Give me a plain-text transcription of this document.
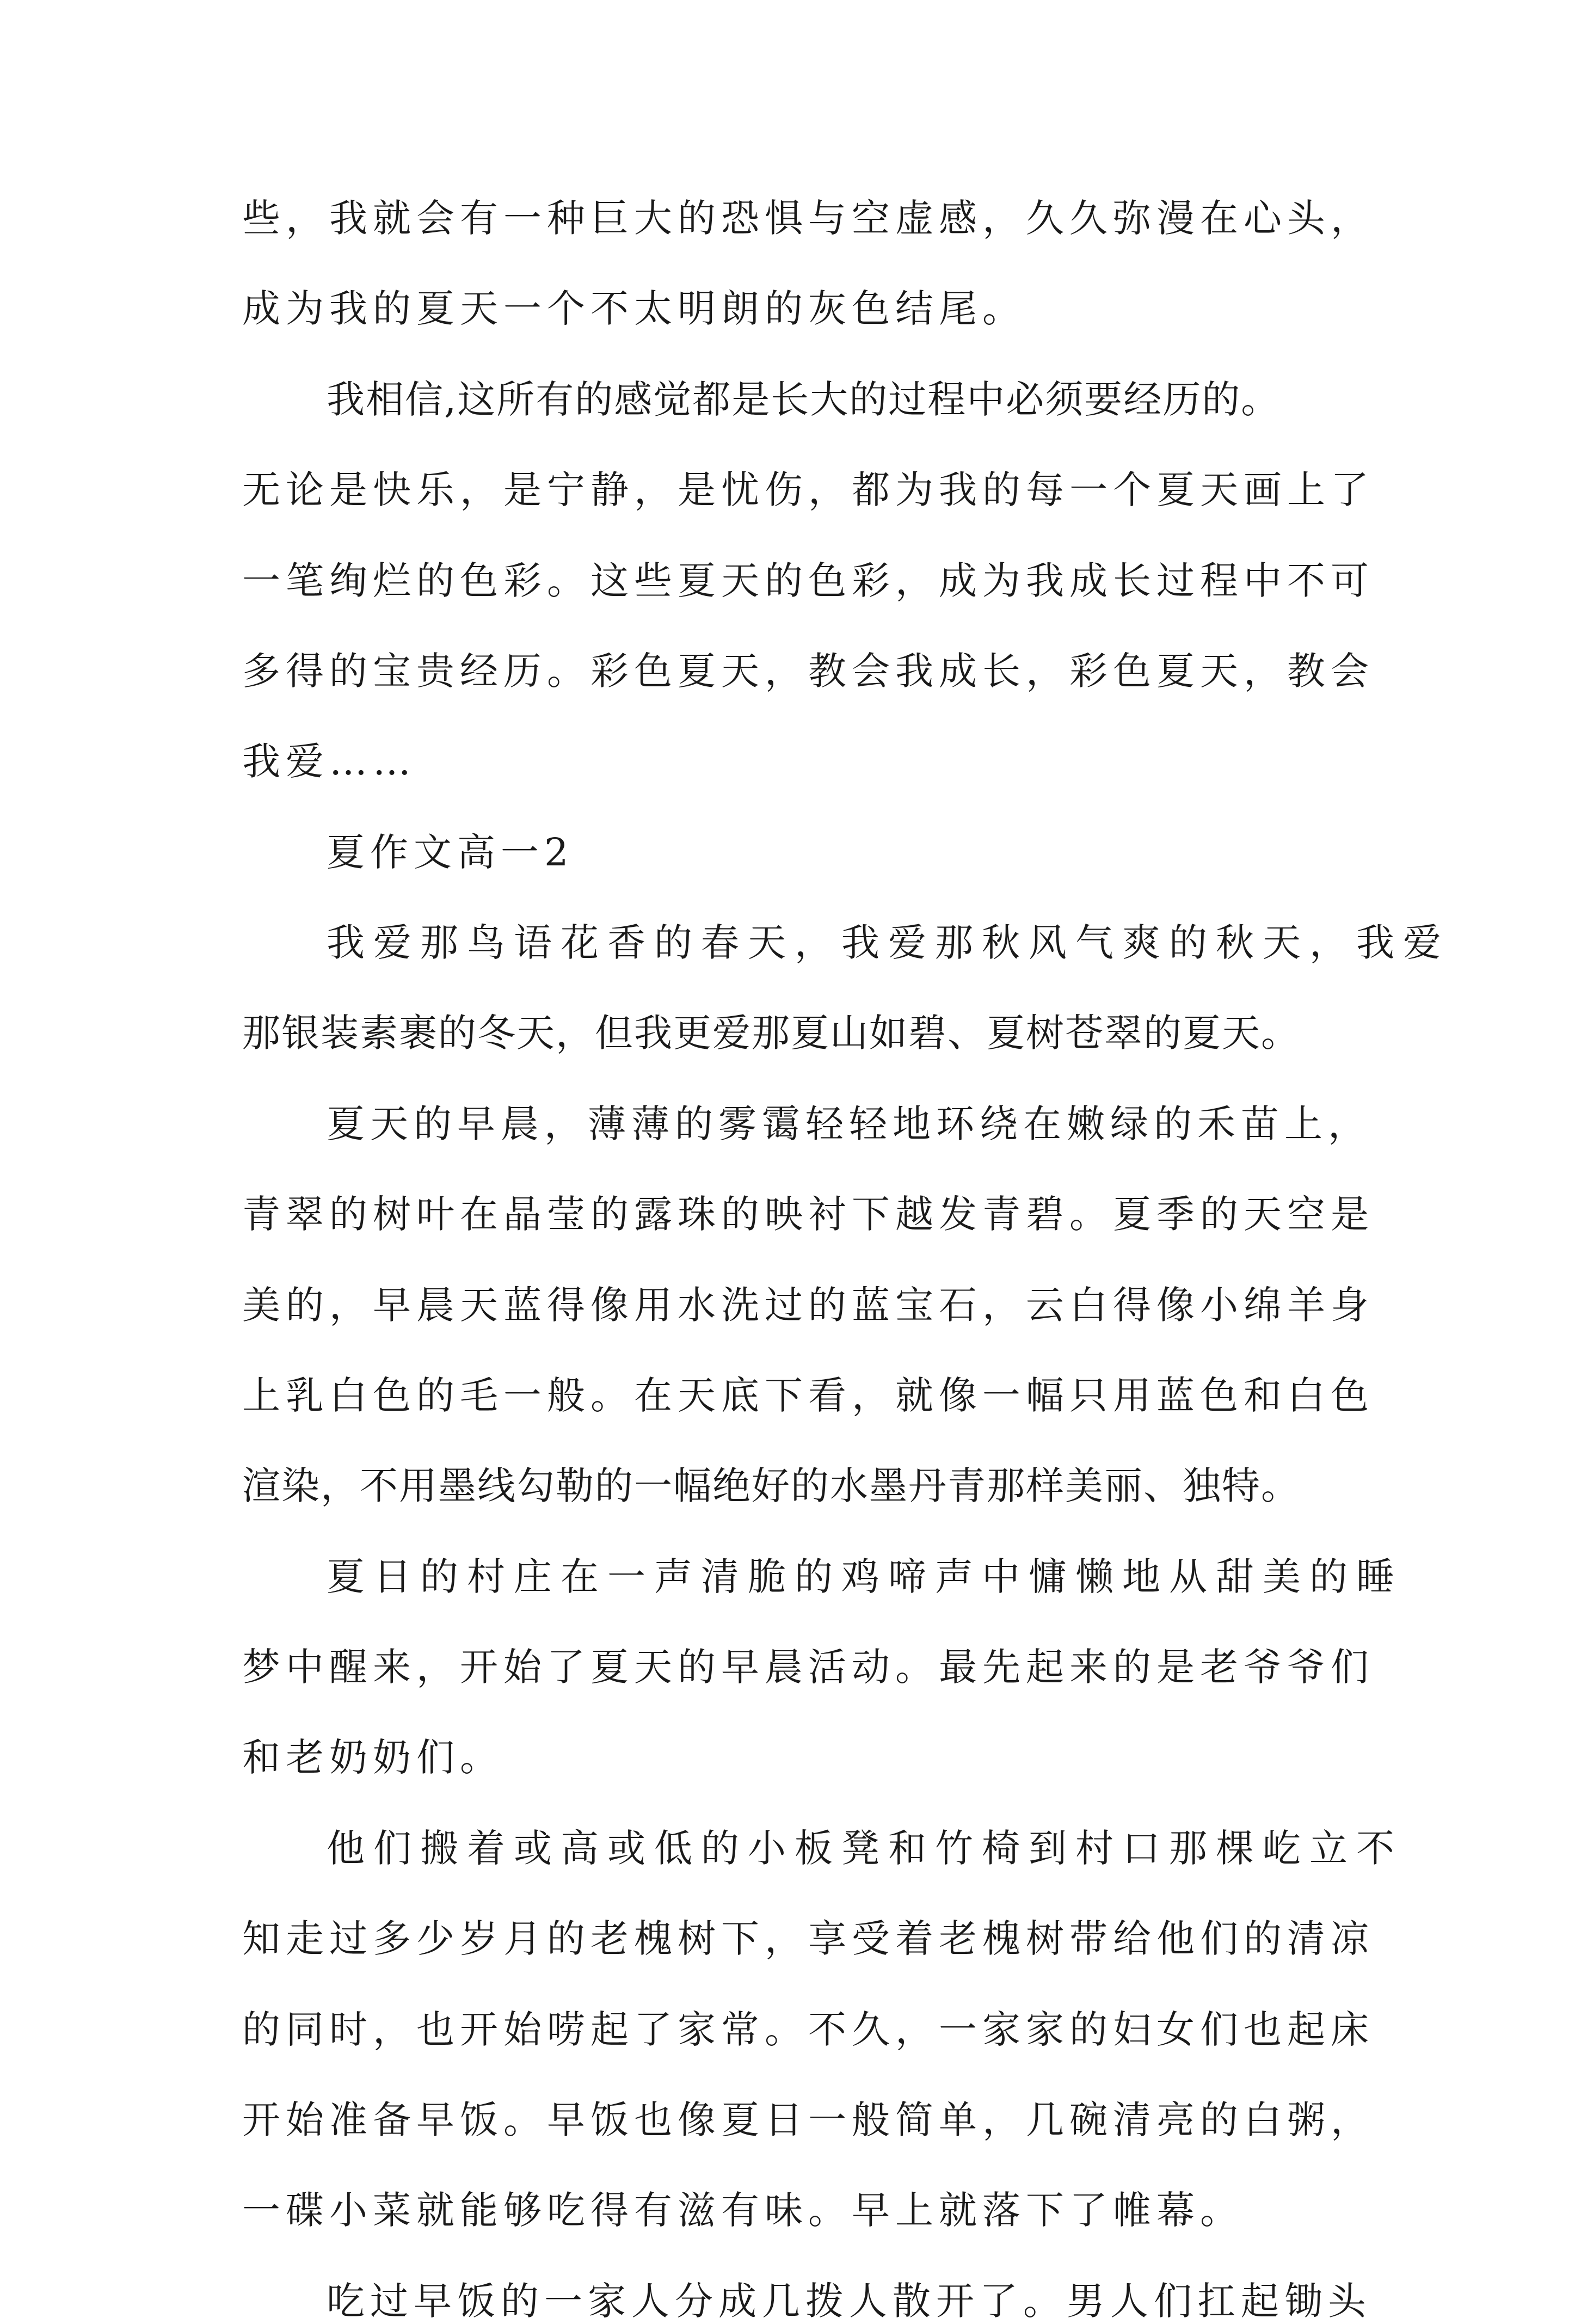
些，我就会有一种巨大的恐惧与空虚感，久久弥漫在心头，
成为我的夏天一个不太明朗的灰色结尾。
我相信,这所有的感觉都是长大的过程中必须要经历的。
无论是快乐，是宁静，是忧伤，都为我的每一个夏天画上了
一笔绚烂的色彩。这些夏天的色彩，成为我成长过程中不可
多得的宝贵经历。彩色夏天，教会我成长，彩色夏天，教会
我爱……
夏作文高一2
我爱那鸟语花香的春天，我爱那秋风气爽的秋天，我爱
那银装素裹的冬天，但我更爱那夏山如碧、夏树苍翠的夏天。
夏天的早晨，薄薄的雾霭轻轻地环绕在嫩绿的禾苗上，
青翠的树叶在晶莹的露珠的映衬下越发青碧。夏季的天空是
美的，早晨天蓝得像用水洗过的蓝宝石，云白得像小绵羊身
上乳白色的毛一般。在天底下看，就像一幅只用蓝色和白色
渲染，不用墨线勾勒的一幅绝好的水墨丹青那样美丽、独特。
夏日的村庄在一声清脆的鸡啼声中慵懒地从甜美的睡
梦中醒来，开始了夏天的早晨活动。最先起来的是老爷爷们
和老奶奶们。
他们搬着或高或低的小板凳和竹椅到村口那棵屹立不
知走过多少岁月的老槐树下，享受着老槐树带给他们的清凉
的同时，也开始唠起了家常。不久，一家家的妇女们也起床
开始准备早饭。早饭也像夏日一般简单，几碗清亮的白粥，
一碟小菜就能够吃得有滋有味。早上就落下了帷幕。
吃过早饭的一家人分成几拨人散开了。男人们扛起锄头
